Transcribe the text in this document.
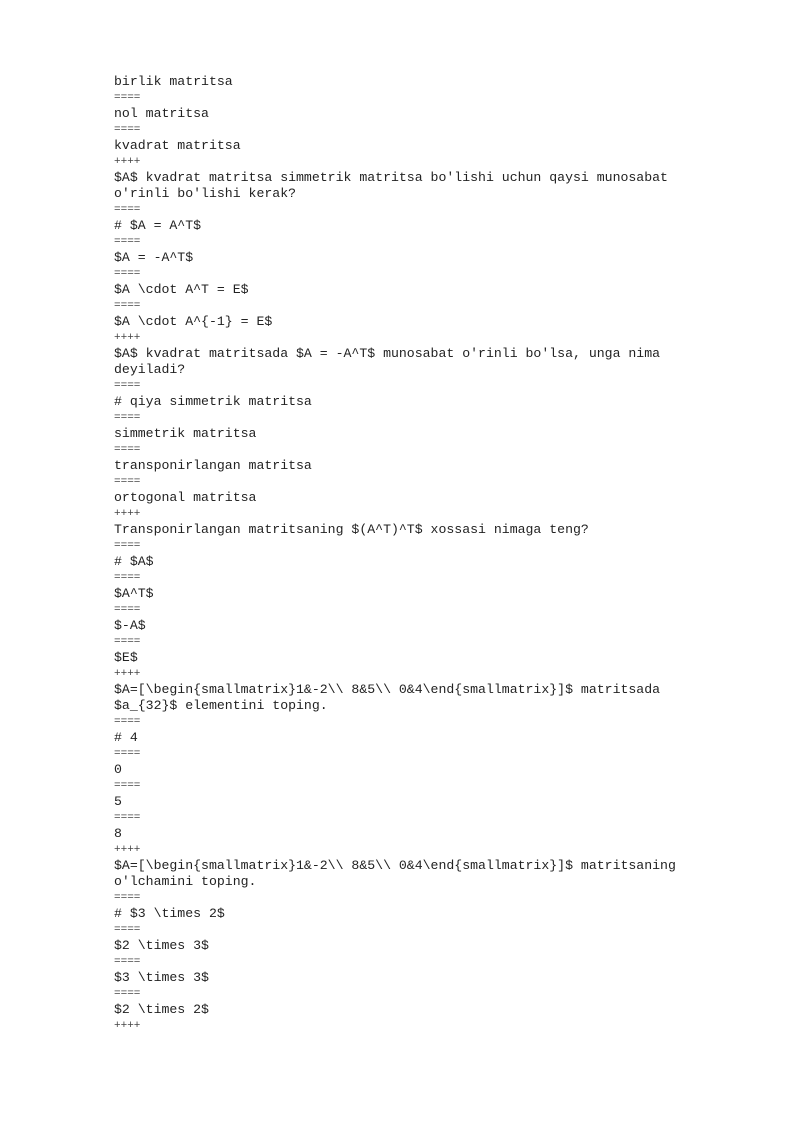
birlik matritsa
====
nol matritsa
====
kvadrat matritsa
++++
$A$ kvadrat matritsa simmetrik matritsa bo'lishi uchun qaysi munosabat
o'rinli bo'lishi kerak?
====
# $A = A^T$
====
$A = -A^T$
====
$A \cdot A^T = E$
====
$A \cdot A^{-1} = E$
++++
$A$ kvadrat matritsada $A = -A^T$ munosabat o'rinli bo'lsa, unga nima
deyiladi?
====
# qiya simmetrik matritsa
====
simmetrik matritsa
====
transponirlangan matritsa
====
ortogonal matritsa
++++
Transponirlangan matritsaning $(A^T)^T$ xossasi nimaga teng?
====
# $A$
====
$A^T$
====
$-A$
====
$E$
++++
$A=[\begin{smallmatrix}1&-2\\ 8&5\\ 0&4\end{smallmatrix}]$ matritsada
$a_{32}$ elementini toping.
====
# 4
====
0
====
5
====
8
++++
$A=[\begin{smallmatrix}1&-2\\ 8&5\\ 0&4\end{smallmatrix}]$ matritsaning
o'lchamini toping.
====
# $3 \times 2$
====
$2 \times 3$
====
$3 \times 3$
====
$2 \times 2$
++++
